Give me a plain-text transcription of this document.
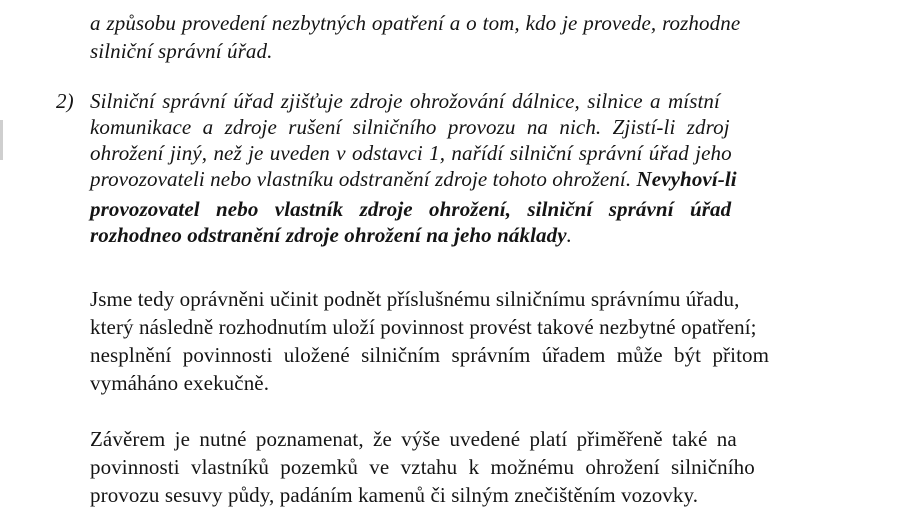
a způsobu provedení nezbytných opatření a o tom, kdo je provede, rozhodne
silniční správní úřad.
2) Silniční správní úřad zjišťuje zdroje ohrožování dálnice, silnice a místní
komunikace a zdroje rušení silničního provozu na nich. Zjistí-li zdroj
ohrožení jiný, než je uveden v odstavci 1, nařídí silniční správní úřad jeho
provozovateli nebo vlastníku odstranění zdroje tohoto ohrožení. Nevyhoví-li
provozovatel nebo vlastník zdroje ohrožení, silniční správní úřad
rozhodneo odstranění zdroje ohrožení na jeho náklady.
Jsme tedy oprávněni učinit podnět příslušnému silničnímu správnímu úřadu,
který následně rozhodnutím uloží povinnost provést takové nezbytné opatření;
nesplnění povinnosti uložené silničním správním úřadem může být přitom
vymáháno exekučně.
Závěrem je nutné poznamenat, že výše uvedené platí přiměřeně také na
povinnosti vlastníků pozemků ve vztahu k možnému ohrožení silničního
provozu sesuvy půdy, padáním kamenů či silným znečištěním vozovky.
